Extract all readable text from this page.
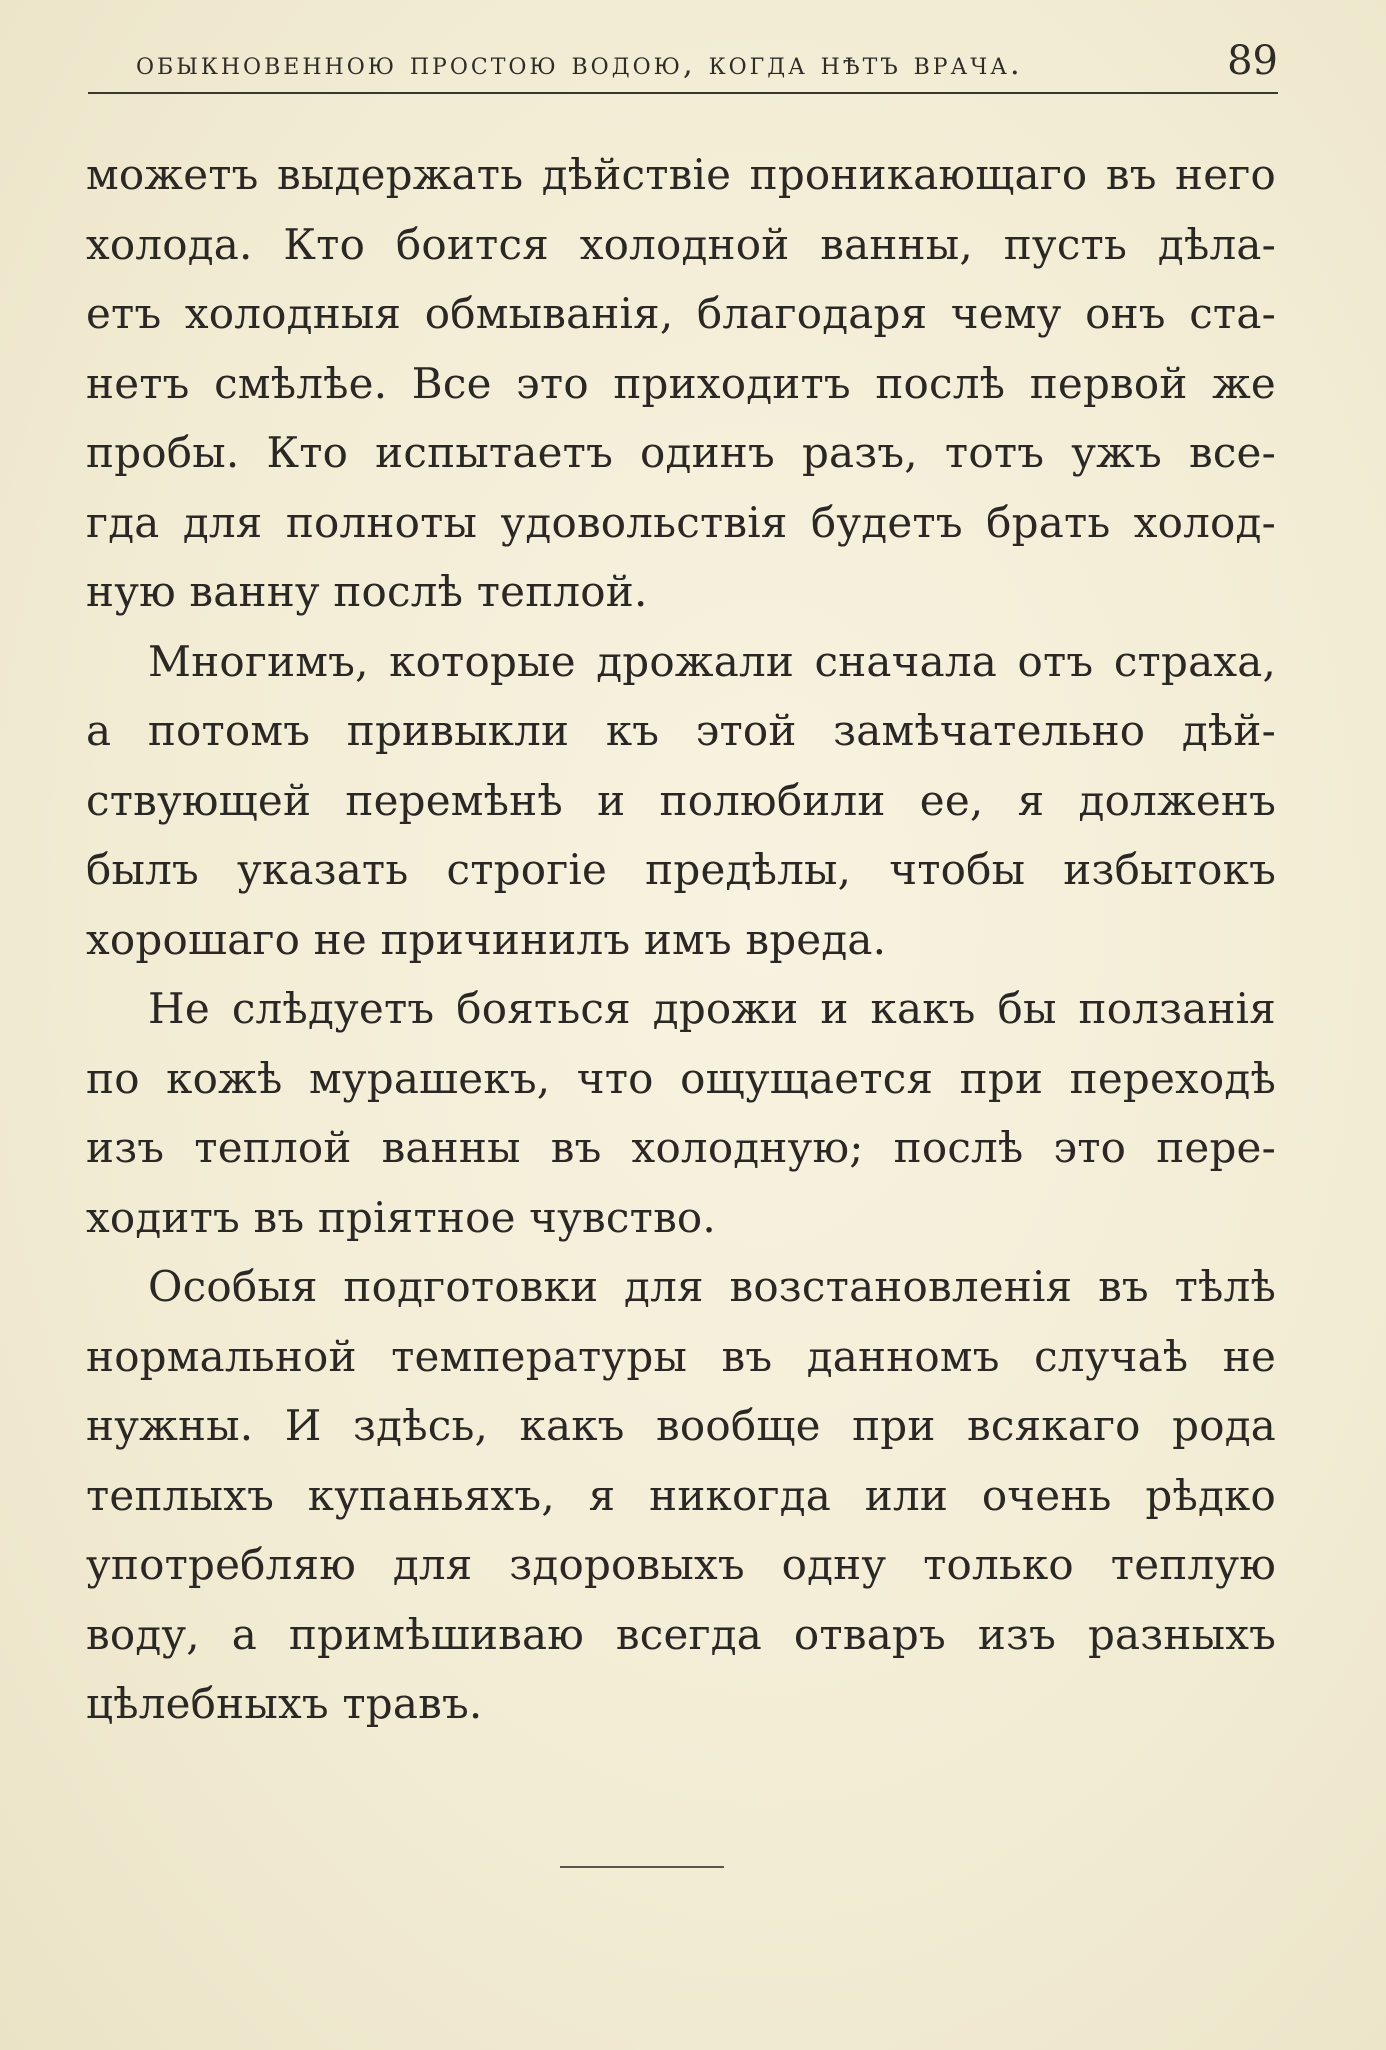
обыкновенною простою водою, когда нѣтъ врача.	89
можетъ выдержать дѣйствіе проникающаго въ него
холода. Кто боится холодной ванны, пусть дѣла-
етъ холодныя обмыванія, благодаря чему онъ ста-
нетъ смѣлѣе. Все это приходитъ послѣ первой же
пробы. Кто испытаетъ одинъ разъ, тотъ ужъ все-
гда для полноты удовольствія будетъ брать холод-
ную ванну послѣ теплой.
Многимъ, которые дрожали сначала отъ страха,
а потомъ привыкли къ этой замѣчательно дѣй-
ствующей перемѣнѣ и полюбили ее, я долженъ
былъ указать строгіе предѣлы, чтобы избытокъ
хорошаго не причинилъ имъ вреда.
Не слѣдуетъ бояться дрожи и какъ бы ползанія
по кожѣ мурашекъ, что ощущается при переходѣ
изъ теплой ванны въ холодную; послѣ это пере-
ходитъ въ пріятное чувство.
Особыя подготовки для возстановленія въ тѣлѣ
нормальной температуры въ данномъ случаѣ не
нужны. И здѣсь, какъ вообще при всякаго рода
теплыхъ купаньяхъ, я никогда или очень рѣдко
употребляю для здоровыхъ одну только теплую
воду, а примѣшиваю всегда отваръ изъ разныхъ
цѣлебныхъ травъ.
